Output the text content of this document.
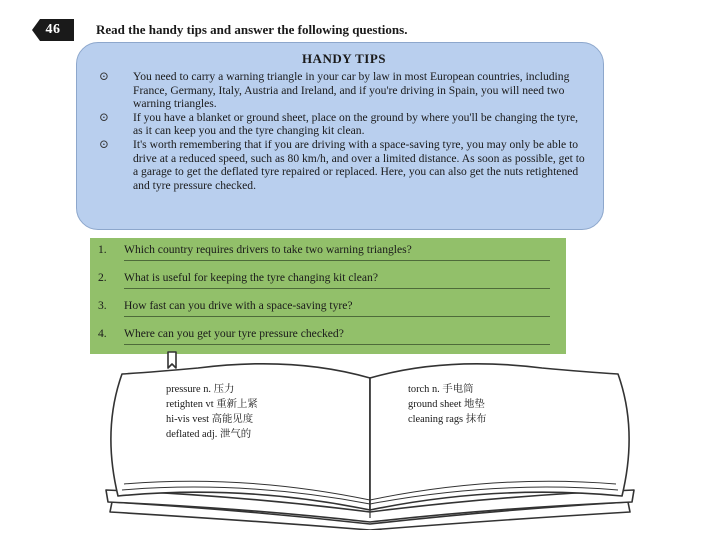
46	Read the handy tips and answer the following questions.
HANDY TIPS
⊙ You need to carry a warning triangle in your car by law in most European countries, including France, Germany, Italy, Austria and Ireland, and if you're driving in Spain, you will need two warning triangles.
⊙ If you have a blanket or ground sheet, place on the ground by where you'll be changing the tyre, as it can keep you and the tyre changing kit clean.
⊙ It's worth remembering that if you are driving with a space-saving tyre, you may only be able to drive at a reduced speed, such as 80 km/h, and over a limited distance. As soon as possible, get to a garage to get the deflated tyre repaired or replaced. Here, you can also get the nuts retightened and tyre pressure checked.
1.	Which country requires drivers to take two warning triangles?
2.	What is useful for keeping the tyre changing kit clean?
3.	How fast can you drive with a space-saving tyre?
4.	Where can you get your tyre pressure checked?
pressure n. 压力
retighten vt 重新上紧
hi-vis vest 高能见度
deflated adj. 泄气的
torch n. 手电筒
ground sheet 地垫
cleaning rags 抹布
